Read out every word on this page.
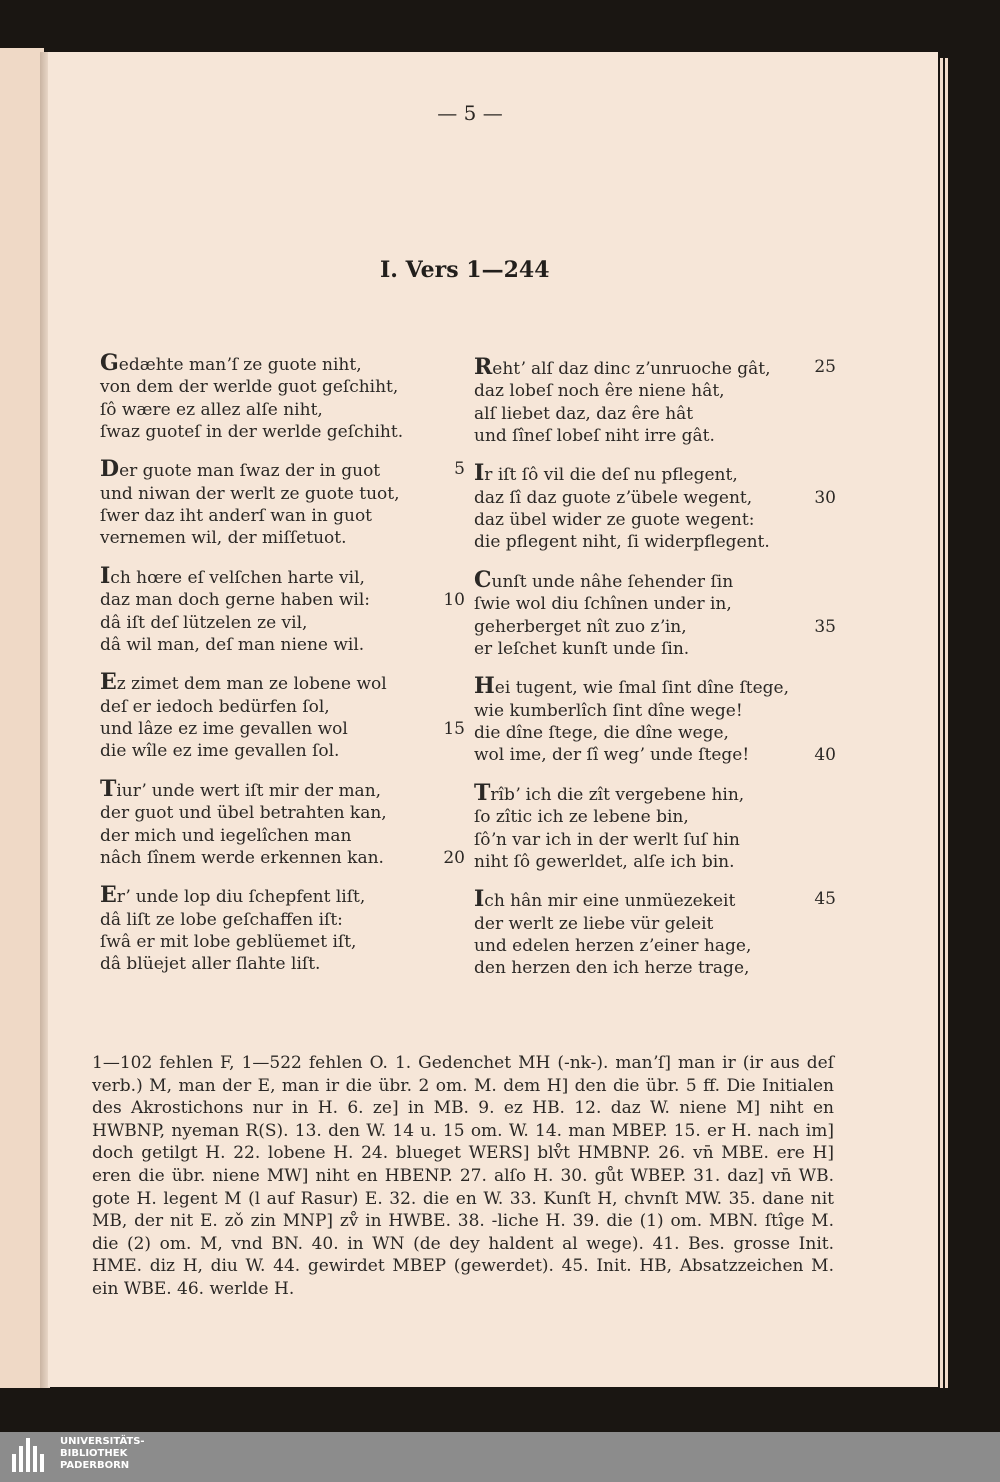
— 5 —
I. Vers 1—244
Gedæhte manʼſ ze guote niht,
von dem der werlde guot geſchiht,
ſô wære ez allez alſe niht,
ſwaz guoteſ in der werlde geſchiht.
Der guote man ſwaz der in guot	5
und niwan der werlt ze guote tuot,
ſwer daz iht anderſ wan in guot
vernemen wil, der miſſetuot.
Ich hœre eſ velſchen harte vil,
daz man doch gerne haben wil:	10
dâ iſt deſ lützelen ze vil,
dâ wil man, deſ man niene wil.
Ez zimet dem man ze lobene wol
deſ er iedoch bedürfen ſol,
und lâze ez ime gevallen wol	15
die wîle ez ime gevallen ſol.
Tiurʼ unde wert iſt mir der man,
der guot und übel betrahten kan,
der mich und iegelîchen man
nâch ſînem werde erkennen kan.	20
Erʼ unde lop diu ſchepfent liſt,
dâ liſt ze lobe geſchaffen iſt:
ſwâ er mit lobe geblüemet iſt,
dâ blüejet aller ſlahte liſt.
Rehtʼ alſ daz dinc zʼunruoche gât,	25
daz lobeſ noch êre niene hât,
alſ liebet daz, daz êre hât
und ſîneſ lobeſ niht irre gât.
Ir iſt ſô vil die deſ nu pflegent,
daz ſî daz guote zʼübele wegent,	30
daz übel wider ze guote wegent:
die pflegent niht, ſi widerpflegent.
Cunſt unde nâhe ſehender ſin
ſwie wol diu ſchînen under in,
geherberget nît zuo zʼin,	35
er leſchet kunſt unde ſin.
Hei tugent, wie ſmal ſint dîne ſtege,
wie kumberlîch ſint dîne wege!
die dîne ſtege, die dîne wege,
wol ime, der ſî wegʼ unde ſtege!	40
Trîbʼ ich die zît vergebene hin,
ſo zîtic ich ze lebene bin,
ſôʼn var ich in der werlt ſuſ hin
niht ſô gewerldet, alſe ich bin.
Ich hân mir eine unmüezekeit	45
der werlt ze liebe vür geleit
und edelen herzen zʼeiner hage,
den herzen den ich herze trage,
1—102 fehlen F, 1—522 fehlen O. 1. Gedenchet MH (-nk-). manʼſ] man ir (ir aus deſ verb.) M, man der E, man ir die übr. 2 om. M. dem H] den die übr. 5 ff. Die Initialen des Akrostichons nur in H. 6. ze] in MB. 9. ez HB. 12. daz W. niene M] niht en HWBNP, nyeman R(S). 13. den W. 14 u. 15 om. W. 14. man MBEP. 15. er H. nach im] doch getilgt H. 22. lobene H. 24. blueget WERS] blv̊t HMBNP. 26. vn̄ MBE. ere H] eren die übr. niene MW] niht en HBENP. 27. alſo H. 30. gůt WBEP. 31. daz] vn̄ WB. gote H. legent M (l auf Rasur) E. 32. die en W. 33. Kunſt H, chvnſt MW. 35. dane nit MB, der nit E. zǒ zin MNP] zv̊ in HWBE. 38. -liche H. 39. die (1) om. MBN. ſtîge M. die (2) om. M, vnd BN. 40. in WN (de dey haldent al wege). 41. Bes. grosse Init. HME. diz H, diu W. 44. gewirdet MBEP (gewerdet). 45. Init. HB, Absatzzeichen M. ein WBE. 46. werlde H.
UNIVERSITÄTS-
BIBLIOTHEK
PADERBORN
